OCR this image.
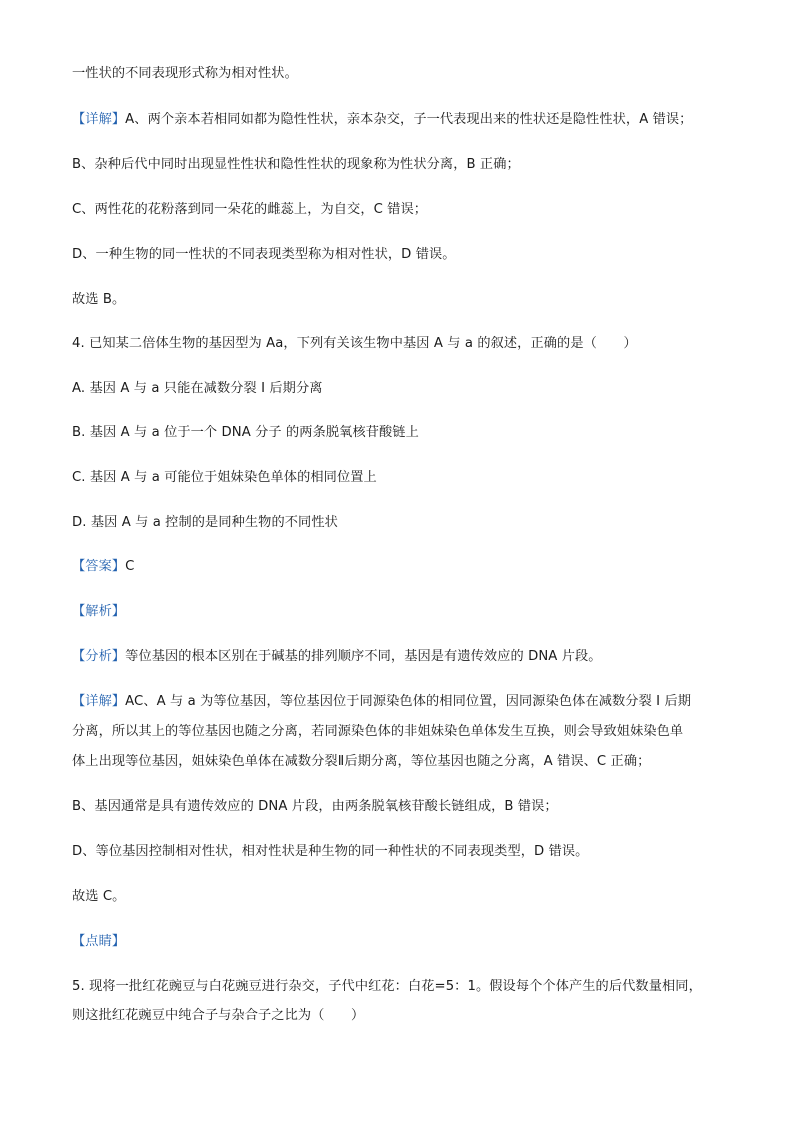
一性状的不同表现形式称为相对性状。
【详解】A、两个亲本若相同如都为隐性性状，亲本杂交，子一代表现出来的性状还是隐性性状，A 错误；
B、杂种后代中同时出现显性性状和隐性性状的现象称为性状分离，B 正确；
C、两性花的花粉落到同一朵花的雌蕊上，为自交，C 错误；
D、一种生物的同一性状的不同表现类型称为相对性状，D 错误。
故选 B。
4. 已知某二倍体生物的基因型为 Aa，下列有关该生物中基因 A 与 a 的叙述，正确的是（　　）
A. 基因 A 与 a 只能在减数分裂 I 后期分离
B. 基因 A 与 a 位于一个 DNA 分子 的两条脱氧核苷酸链上
C. 基因 A 与 a 可能位于姐妹染色单体的相同位置上
D. 基因 A 与 a 控制的是同种生物的不同性状
【答案】C
【解析】
【分析】等位基因的根本区别在于碱基的排列顺序不同，基因是有遗传效应的 DNA 片段。
【详解】AC、A 与 a 为等位基因，等位基因位于同源染色体的相同位置，因同源染色体在减数分裂 I 后期
分离，所以其上的等位基因也随之分离，若同源染色体的非姐妹染色单体发生互换，则会导致姐妹染色单
体上出现等位基因，姐妹染色单体在减数分裂Ⅱ后期分离，等位基因也随之分离，A 错误、C 正确；
B、基因通常是具有遗传效应的 DNA 片段，由两条脱氧核苷酸长链组成，B 错误；
D、等位基因控制相对性状，相对性状是种生物的同一种性状的不同表现类型，D 错误。
故选 C。
【点睛】
5. 现将一批红花豌豆与白花豌豆进行杂交，子代中红花：白花=5：1。假设每个个体产生的后代数量相同，
则这批红花豌豆中纯合子与杂合子之比为（　　）
